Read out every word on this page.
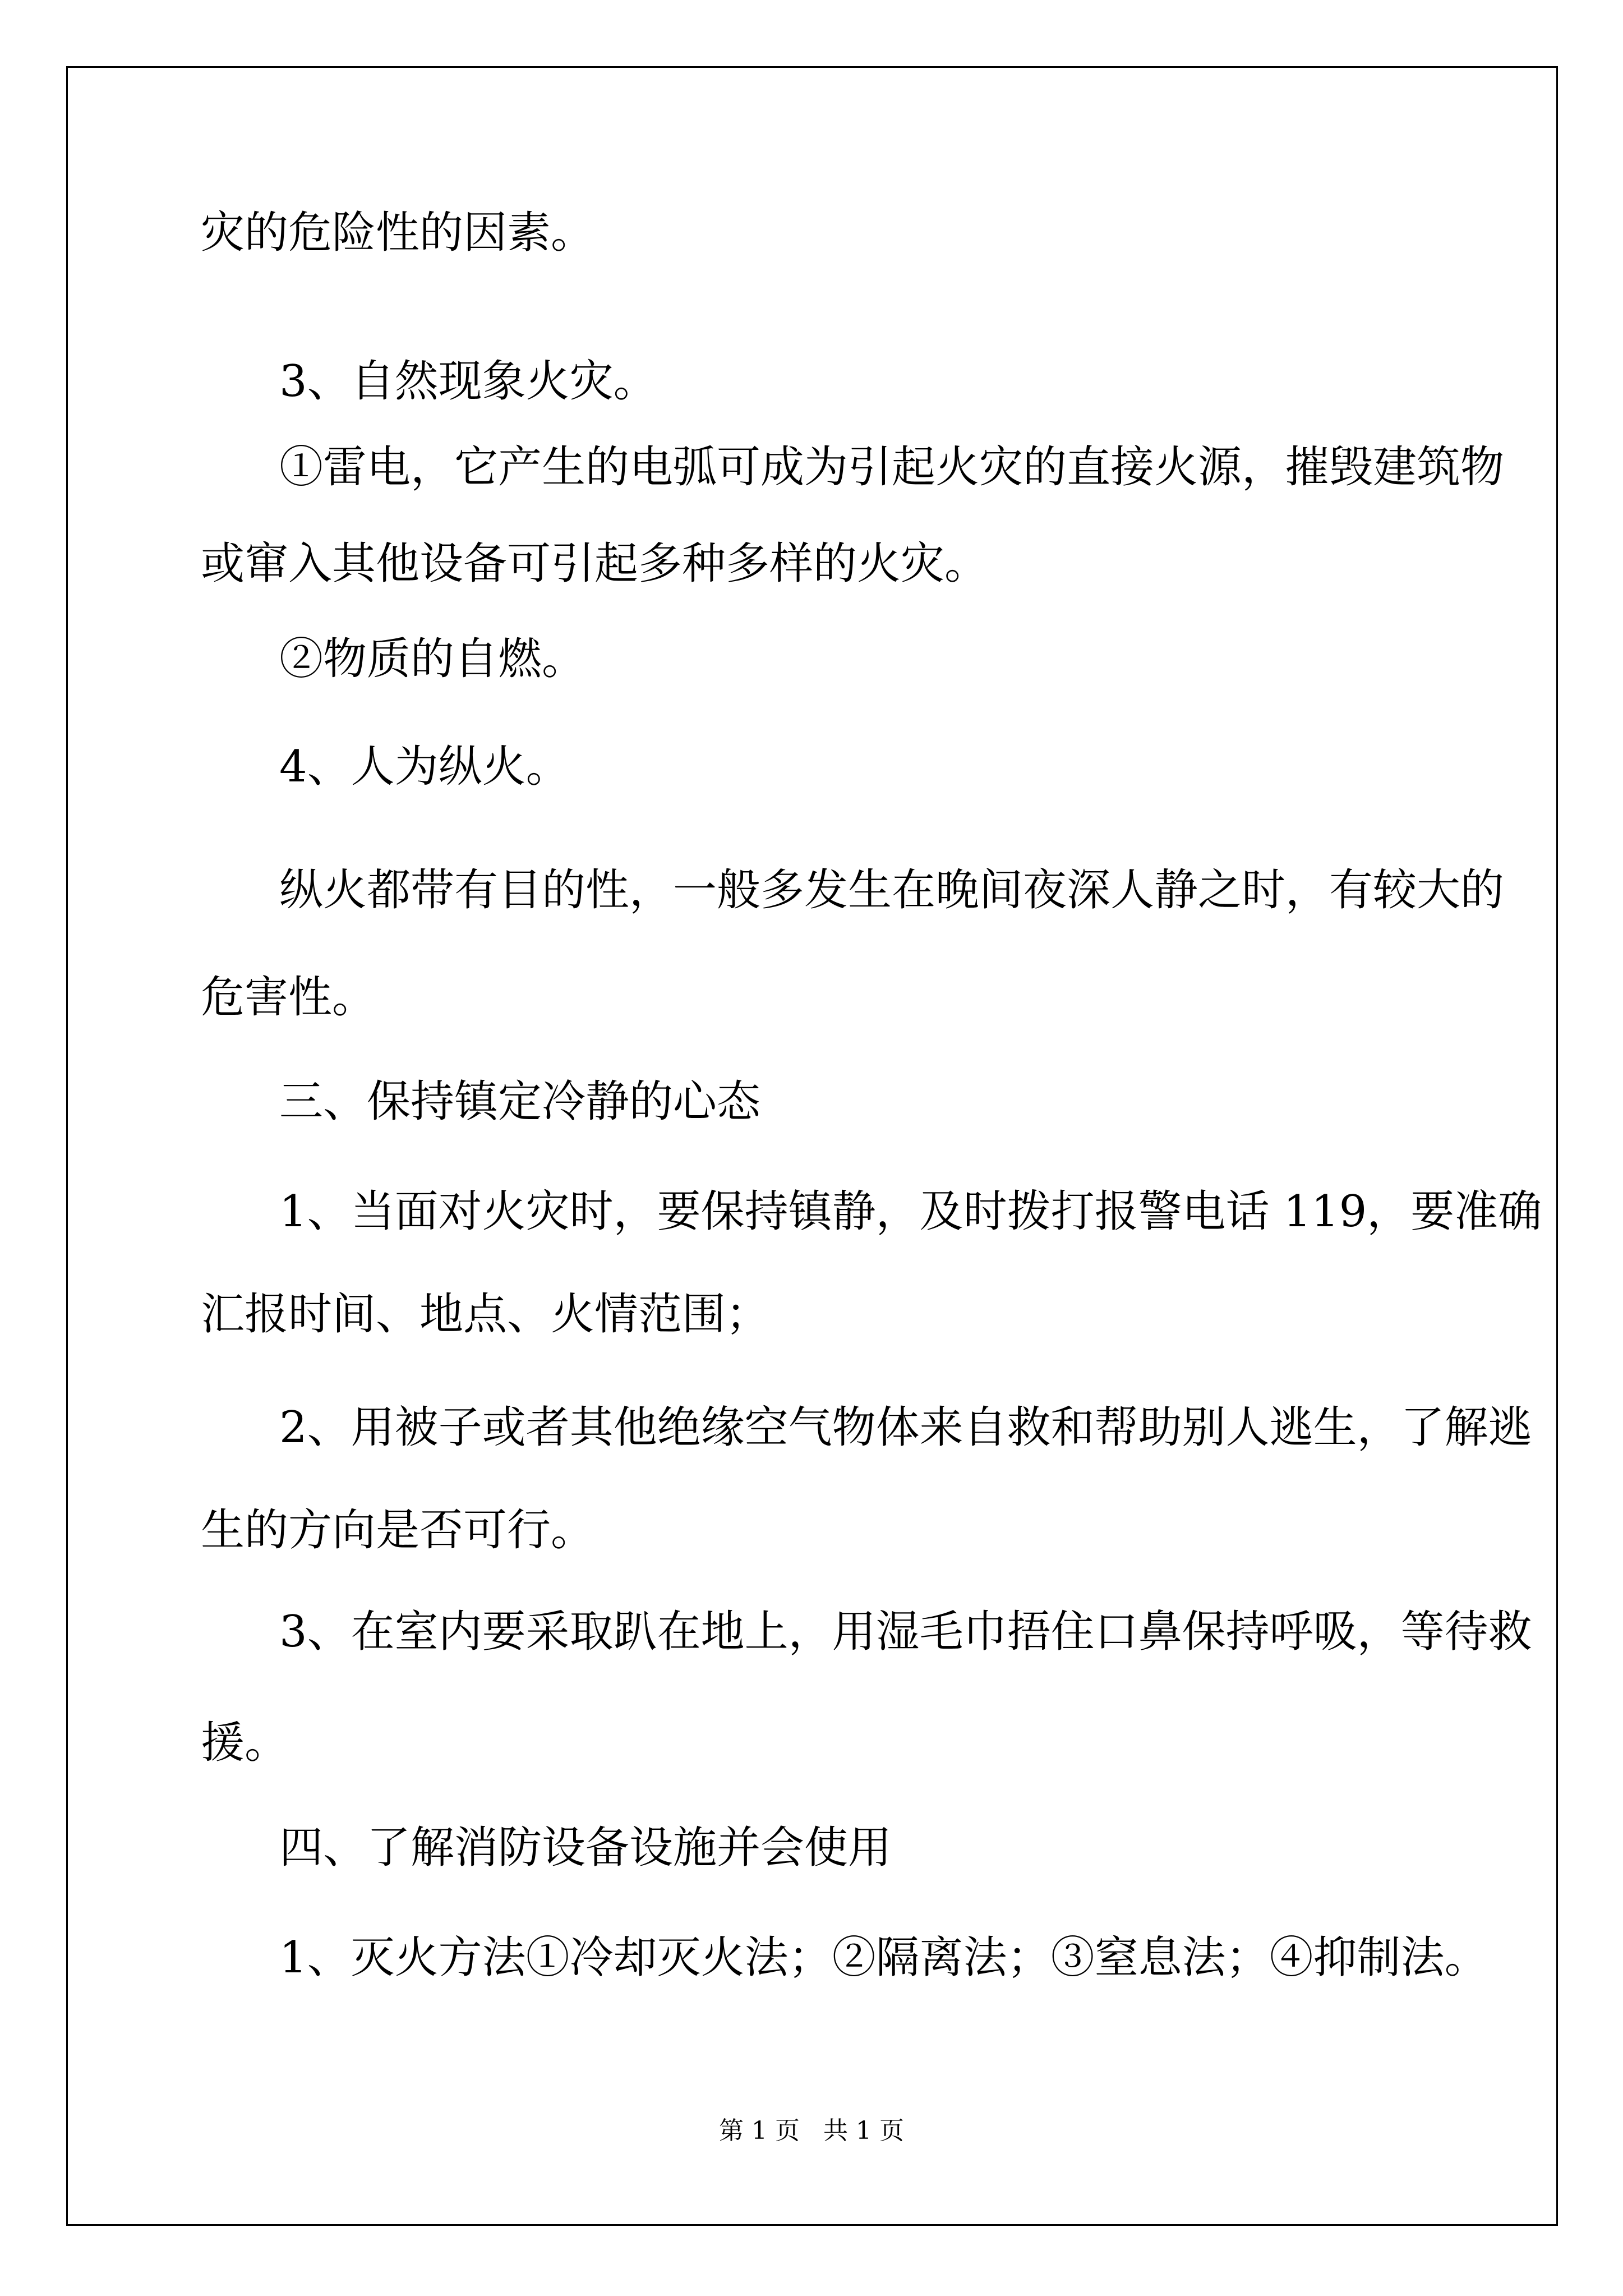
灾的危险性的因素。

3、自然现象火灾。

①雷电，它产生的电弧可成为引起火灾的直接火源，摧毁建筑物

或窜入其他设备可引起多种多样的火灾。

②物质的自燃。

4、人为纵火。

纵火都带有目的性，一般多发生在晚间夜深人静之时，有较大的

危害性。

三、保持镇定冷静的心态

1、当面对火灾时，要保持镇静，及时拨打报警电话 119，要准确

汇报时间、地点、火情范围；

2、用被子或者其他绝缘空气物体来自救和帮助别人逃生，了解逃

生的方向是否可行。

3、在室内要采取趴在地上，用湿毛巾捂住口鼻保持呼吸，等待救

援。

四、了解消防设备设施并会使用

1、灭火方法①冷却灭火法；②隔离法；③窒息法；④抑制法。

第 1 页   共 1 页
